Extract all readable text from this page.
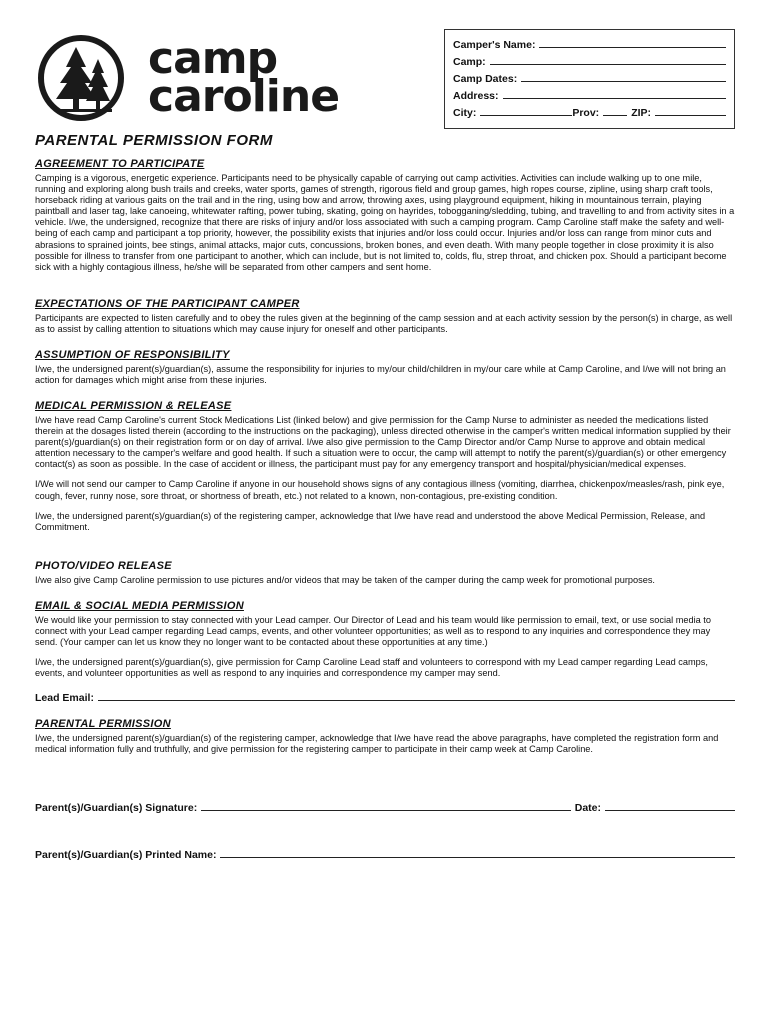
camp
caroline
Camper's Name:
Camp:
Camp Dates:
Address:
City:	Prov:	ZIP:
PARENTAL PERMISSION FORM
AGREEMENT TO PARTICIPATE

Camping is a vigorous, energetic experience. Participants need to be physically capable of carrying out camp activities. Activities can include walking up to one mile, running and exploring along bush trails and creeks, water sports, games of strength, rigorous field and group games, high ropes course, zipline, using sharp craft tools, horseback riding at various gaits on the trail and in the ring, using bow and arrow, throwing axes, using playground equipment, hiking in mountainous terrain, playing paintball and laser tag, lake canoeing, whitewater rafting, power tubing, skating, going on hayrides, tobogganing/sledding, tubing, and travelling to and from activity sites in a vehicle. I/we, the undersigned, recognize that there are risks of injury and/or loss associated with such a camping program. Camp Caroline staff make the safety and well-being of each camp and participant a top priority, however, the possibility exists that injuries and/or loss could occur. Injuries and/or loss can range from minor cuts and abrasions to sprained joints, bee stings, animal attacks, major cuts, concussions, broken bones, and even death. With many people together in close proximity it is also possible for illness to transfer from one participant to another, which can include, but is not limited to, colds, flu, strep throat, and chicken pox. Should a participant become sick with a highly contagious illness, he/she will be separated from other campers and sent home.

EXPECTATIONS OF THE PARTICIPANT CAMPER

Participants are expected to listen carefully and to obey the rules given at the beginning of the camp session and at each activity session by the person(s) in charge, as well as to assist by calling attention to situations which may cause injury for oneself and other participants.

ASSUMPTION OF RESPONSIBILITY

I/we, the undersigned parent(s)/guardian(s), assume the responsibility for injuries to my/our child/children in my/our care while at Camp Caroline, and I/we will not bring an action for damages which might arise from these injuries.

MEDICAL PERMISSION & RELEASE

I/we have read Camp Caroline's current Stock Medications List (linked below) and give permission for the Camp Nurse to administer as needed the medications listed therein at the dosages listed therein (according to the instructions on the packaging), unless directed otherwise in the camper's written medical information supplied by their parent(s)/guardian(s) on their registration form or on day of arrival. I/we also give permission to the Camp Director and/or Camp Nurse to approve and obtain medical attention necessary to the camper's welfare and good health. If such a situation were to occur, the camp will attempt to notify the parent(s)/guardian(s) or other emergency contact(s) as soon as possible. In the case of accident or illness, the participant must pay for any emergency transport and hospital/physician/medical expenses.

I/We will not send our camper to Camp Caroline if anyone in our household shows signs of any contagious illness (vomiting, diarrhea, chickenpox/measles/rash, pink eye, cough, fever, runny nose, sore throat, or shortness of breath, etc.) not related to a known, non-contagious, pre-existing condition.

I/we, the undersigned parent(s)/guardian(s) of the registering camper, acknowledge that I/we have read and understood the above Medical Permission, Release, and Commitment.

PHOTO/VIDEO RELEASE

I/we also give Camp Caroline permission to use pictures and/or videos that may be taken of the camper during the camp week for promotional purposes.

EMAIL & SOCIAL MEDIA PERMISSION

We would like your permission to stay connected with your Lead camper. Our Director of Lead and his team would like permission to email, text, or use social media to connect with your Lead camper regarding Lead camps, events, and other volunteer opportunities; as well as to respond to any inquiries and correspondence they may send. (Your camper can let us know they no longer want to be contacted about these opportunities at any time.)

I/we, the undersigned parent(s)/guardian(s), give permission for Camp Caroline Lead staff and volunteers to correspond with my Lead camper regarding Lead camps, events, and volunteer opportunities as well as respond to any inquiries and correspondence my camper may send.

Lead Email:
PARENTAL PERMISSION

I/we, the undersigned parent(s)/guardian(s) of the registering camper, acknowledge that I/we have read the above paragraphs, have completed the registration form and medical information fully and truthfully, and give permission for the registering camper to participate in their camp week at Camp Caroline.

Parent(s)/Guardian(s) Signature:	Date:
Parent(s)/Guardian(s) Printed Name:
